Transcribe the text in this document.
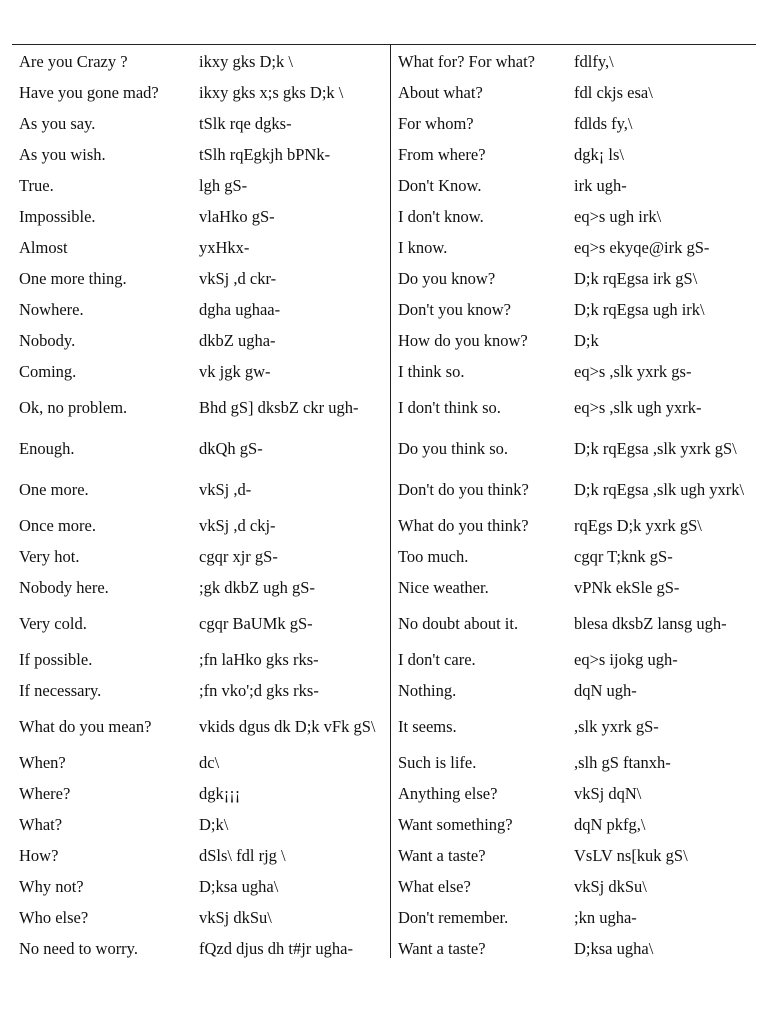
Are you Crazy ?	ikxy gks D;k \	What for? For what?	fdlfy,\
Have you gone mad?	ikxy gks x;s gks D;k \	About what?	fdl ckjs esa\
As you say.	tSlk rqe dgks-	For whom?	fdlds fy,\
As you wish.	tSlh rqEgkjh bPNk-	From where?	dgk¡ ls\
True.	lgh gS-	Don't Know.	irk ugh-
Impossible.	vlaHko gS-	I don't know.	eq>s ugh irk\
Almost	yxHkx-	I know.	eq>s ekyqe@irk gS-
One more thing.	vkSj ,d ckr-	Do you know?	D;k rqEgsa irk gS\
Nowhere.	dgha ughaa-	Don't you know?	D;k rqEgsa ugh irk\
Nobody.	dkbZ ugha-	How do you know?	D;k
Coming.	vk jgk gw-	I think so.	eq>s ,slk yxrk gs-
Ok, no problem.	Bhd gS] dksbZ ckr ugh-	I don't think so.	eq>s ,slk ugh yxrk-
Enough.	dkQh gS-	Do you think so.	D;k rqEgsa ,slk yxrk gS\
One more.	vkSj ,d-	Don't do you think?	D;k rqEgsa ,slk ugh yxrk\
Once more.	vkSj ,d ckj-	What do you think?	rqEgs D;k yxrk gS\
Very hot.	cgqr xjr gS-	Too much.	cgqr T;knk gS-
Nobody here.	;gk dkbZ ugh gS-	Nice weather.	vPNk ekSle gS-
Very cold.	cgqr BaUMk gS-	No doubt about it.	blesa dksbZ lansg ugh-
If possible.	;fn laHko gks rks-	I don't care.	eq>s ijokg ugh-
If necessary.	;fn vko';d gks rks-	Nothing.	dqN ugh-
What do you mean?	vkids dgus dk D;k vFk gS\	It seems.	,slk yxrk gS-
When?	dc\	Such is life.	,slh gS ftanxh-
Where?	dgk¡¡¡	Anything else?	vkSj dqN\
What?	D;k\	Want something?	dqN pkfg,\
How?	dSls\ fdl rjg \	Want a taste?	VsLV ns[kuk gS\
Why not?	D;ksa ugha\	What else?	vkSj dkSu\
Who else?	vkSj dkSu\	Don't remember.	;kn ugha-
No need to worry.	fQzd djus dh t#jr ugha-	Want a taste?	D;ksa ugha\
